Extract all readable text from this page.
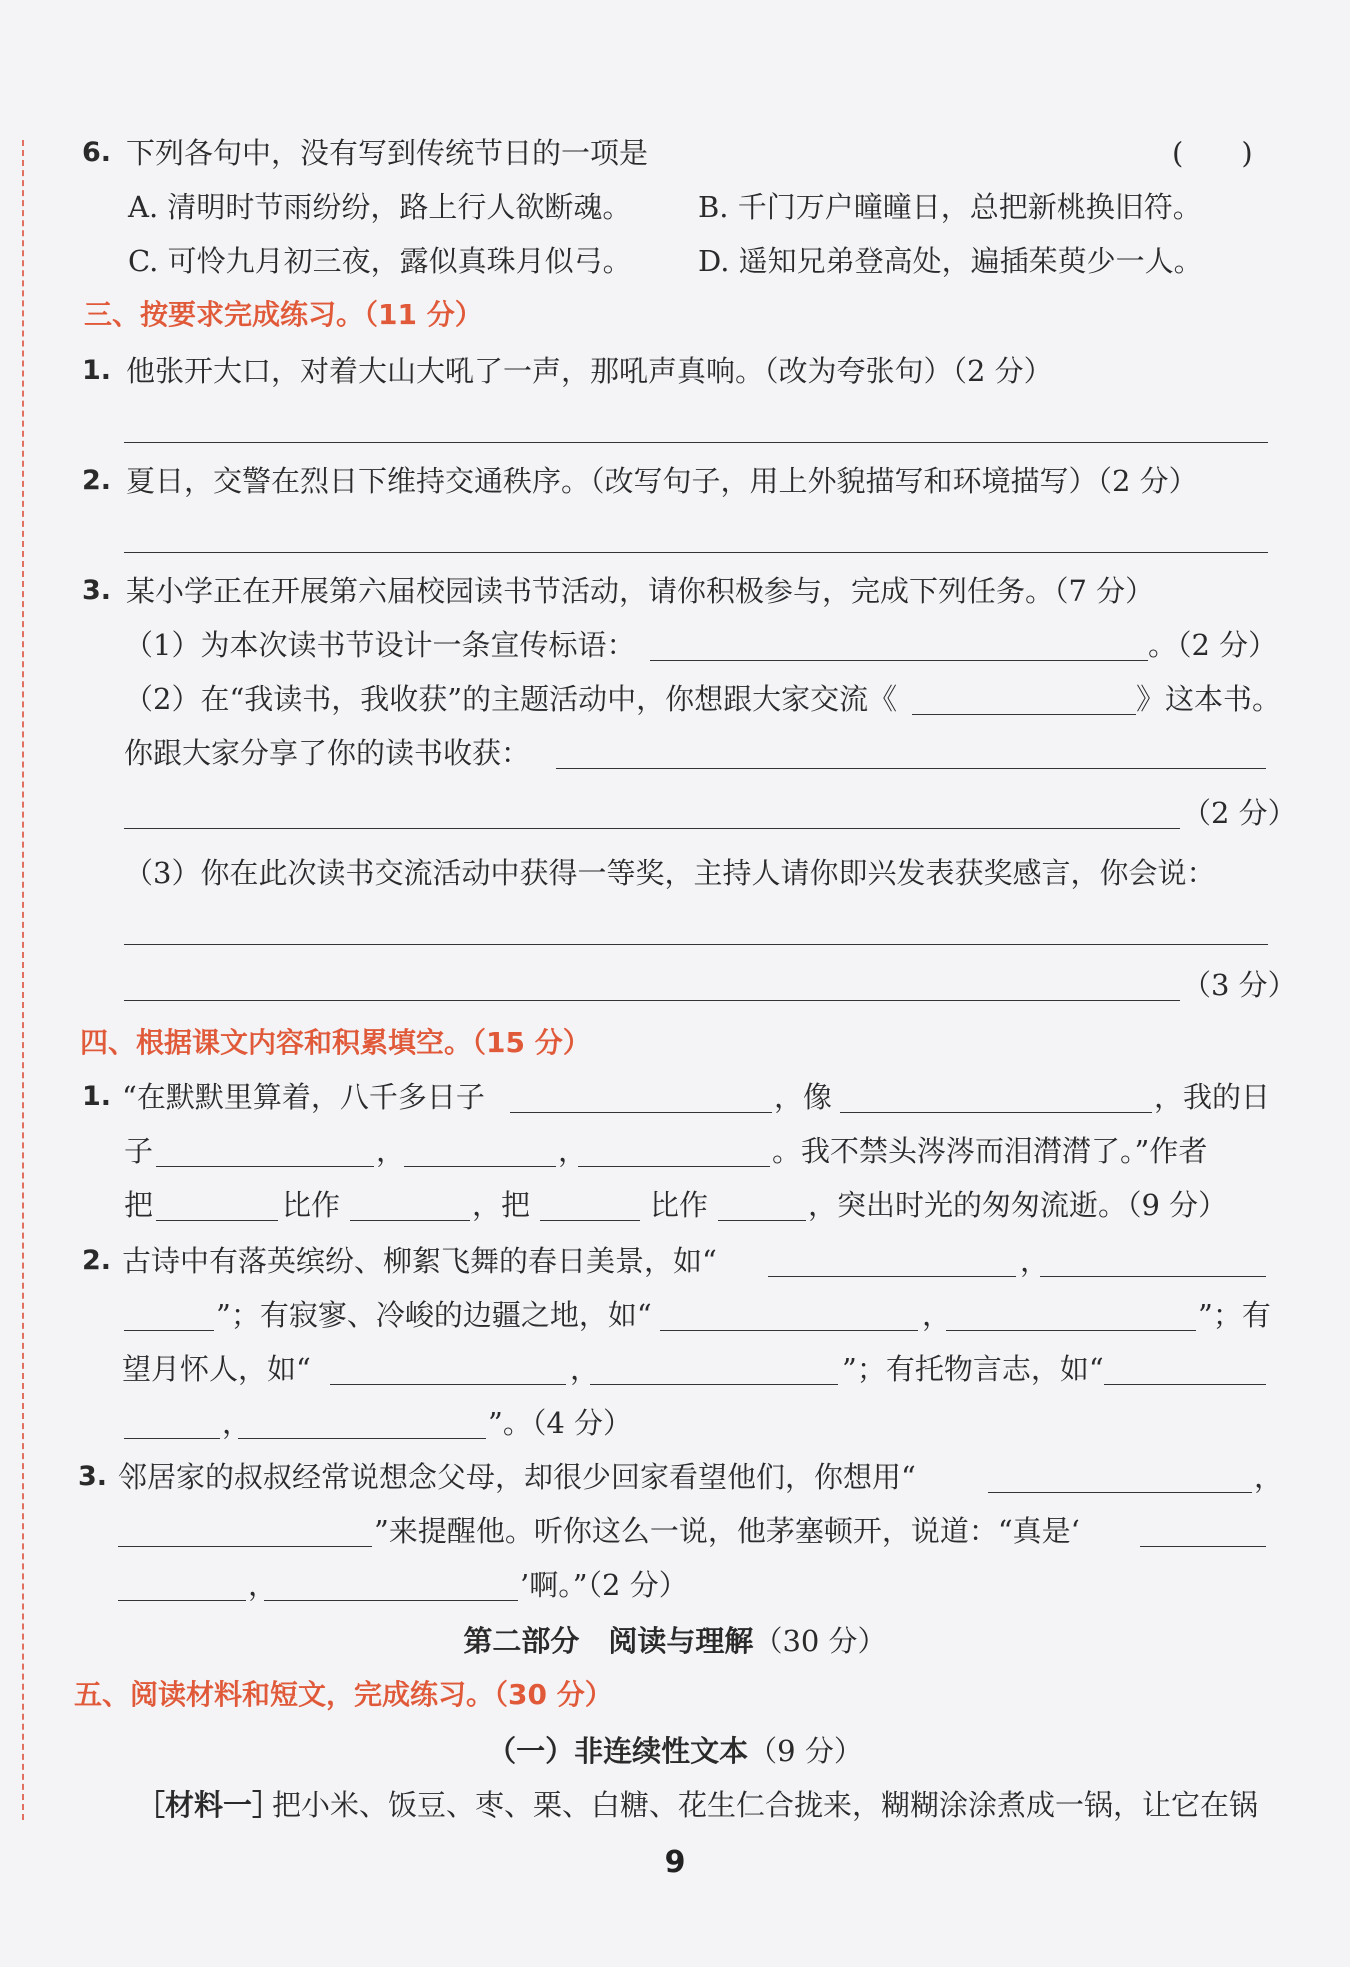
6. 下列各句中，没有写到传统节日的一项是	(　　)
A. 清明时节雨纷纷，路上行人欲断魂。 B. 千门万户曈曈日，总把新桃换旧符。
C. 可怜九月初三夜，露似真珠月似弓。 D. 遥知兄弟登高处，遍插茱萸少一人。
三、按要求完成练习。（11 分）
1. 他张开大口，对着大山大吼了一声，那吼声真响。（改为夸张句）（2 分）
2. 夏日，交警在烈日下维持交通秩序。（改写句子，用上外貌描写和环境描写）（2 分）
3. 某小学正在开展第六届校园读书节活动，请你积极参与，完成下列任务。（7 分）
（1）为本次读书节设计一条宣传标语：	。（2 分）
（2）在“我读书，我收获”的主题活动中，你想跟大家交流《	》这本书。
你跟大家分享了你的读书收获：
（2 分）
（3）你在此次读书交流活动中获得一等奖，主持人请你即兴发表获奖感言，你会说：
（3 分）
四、根据课文内容和积累填空。（15 分）
1. “在默默里算着，八千多日子	，像	，我的日
子	，	，	。我不禁头涔涔而泪潸潸了。”作者
把	比作	，把	比作	，突出时光的匆匆流逝。（9 分）
2. 古诗中有落英缤纷、柳絮飞舞的春日美景，如“	，
”；有寂寥、冷峻的边疆之地，如“	，	”；有
望月怀人，如“	，	”；有托物言志，如“
，	”。（4 分）
3. 邻居家的叔叔经常说想念父母，却很少回家看望他们，你想用“	，
”来提醒他。听你这么一说，他茅塞顿开，说道：“真是‘
，	’啊。”（2 分）
第二部分　阅读与理解（30 分）
五、阅读材料和短文，完成练习。（30 分）
（一）非连续性文本（9 分）
［材料一］
把小米、饭豆、枣、栗、白糖、花生仁合拢来，糊糊涂涂煮成一锅，让它在锅
9
